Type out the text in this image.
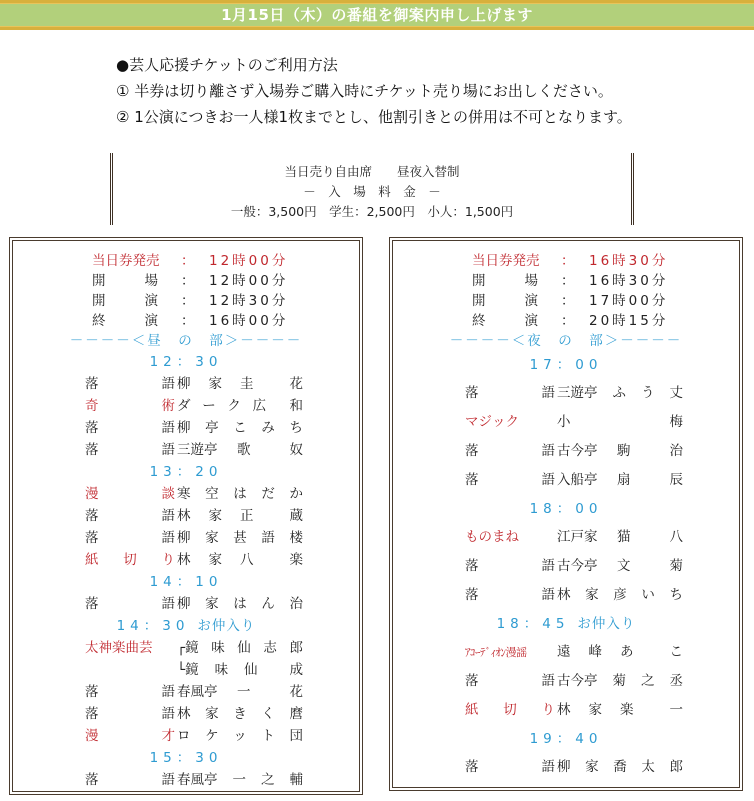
1月15日（木）の番組を御案内申し上げます
●芸人応援チケットのご利用方法
① 半券は切り離さず入場券ご購入時にチケット売り場にお出しください。
② 1公演につきお一人様1枚までとし、他割引きとの併用は不可となります。
当日売り自由席　　昼夜入替制
－　入　場　料　金　－
一般：3,500円　学生：2,500円　小人：1,500円
当 日 券 発 売 ： 12時00分
開	場 ： 12時00分
開	演 ： 12時30分
終	演 ： 16時00分
－－－－＜昼　の　部＞－－－－
12：30
落	語 柳 家 圭	花
奇	術 ダ ー ク 広 和
落	語 柳 亭 こ み ち
落	語 三遊亭 歌	奴
13：20
漫	談 寒 空 は だ か
落	語 林 家 正	蔵
落	語 柳 家 甚 語 楼
紙 切 り 林 家 八	楽
14：10
落	語 柳 家 は ん 治
14：30 お仲入り
太神楽曲芸 ┌鏡 味 仙 志 郎
└鏡 味 仙 成
落	語 春風亭 一	花
落	語 林 家 き く 麿
漫	才 ロ ケ ッ ト 団
15：30
落	語 春風亭 一 之 輔
当 日 券 発 売 ： 16時30分
開	場 ： 16時30分
開	演 ： 17時00分
終	演 ： 20時15分
－－－－＜夜　の　部＞－－－－
17：00
落	語 三遊亭 ふ う 丈
マジック	小	梅
落	語 古今亭 駒	治
落	語 入船亭 扇	辰
18：00
ものまね	江戸家 猫	八
落	語 古今亭 文	菊
落	語 林 家 彦 い ち
18：45 お仲入り
ｱｺｰﾃﾞｨｵﾝ漫謡 遠 峰 あ	こ
落	語 古今亭 菊 之 丞
紙 切 り 林 家 楽	一
19：40
落	語 柳 家 喬 太 郎
